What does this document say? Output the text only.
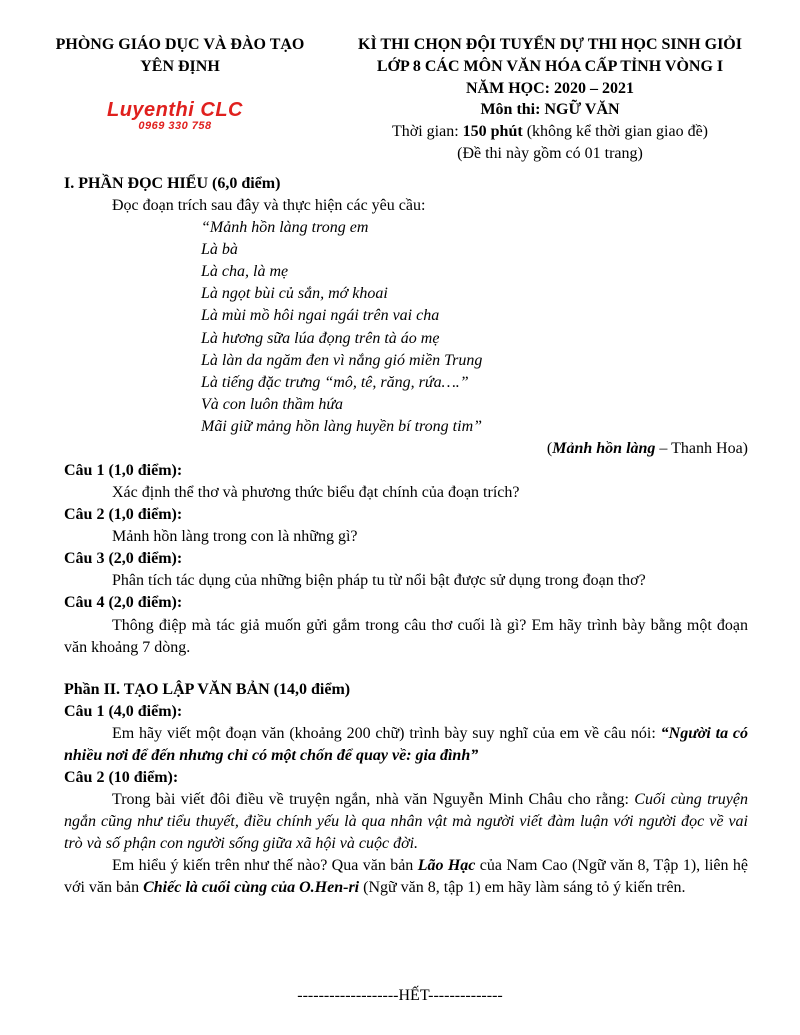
PHÒNG GIÁO DỤC VÀ ĐÀO TẠO
YÊN ĐỊNH
KÌ THI CHỌN ĐỘI TUYỂN DỰ THI HỌC SINH GIỎI
LỚP 8 CÁC MÔN VĂN HÓA CẤP TỈNH VÒNG I
NĂM HỌC: 2020 – 2021
Môn thi: NGỮ VĂN
Thời gian: 150 phút (không kể thời gian giao đề)
(Đề thi này gồm có 01 trang)
Luyenthi CLC
0969 330 758
I. PHẦN ĐỌC HIỂU (6,0 điểm)
Đọc đoạn trích sau đây và thực hiện các yêu cầu:
“Mảnh hồn làng trong em
Là bà
Là cha, là mẹ
Là ngọt bùi củ sắn, mớ khoai
Là mùi mồ hôi ngai ngái trên vai cha
Là hương sữa lúa đọng trên tà áo mẹ
Là làn da ngăm đen vì nắng gió miền Trung
Là tiếng đặc trưng “mô, tê, răng, rứa….”
Và con luôn thầm hứa
Mãi giữ mảng hồn làng huyền bí trong tim”
(Mảnh hồn làng – Thanh Hoa)
Câu 1 (1,0 điểm):
Xác định thể thơ và phương thức biểu đạt chính của đoạn trích?
Câu 2 (1,0 điểm):
Mảnh hồn làng trong con là những gì?
Câu 3 (2,0 điểm):
Phân tích tác dụng của những biện pháp tu từ nổi bật được sử dụng trong đoạn thơ?
Câu 4 (2,0 điểm):
Thông điệp mà tác giả muốn gửi gắm trong câu thơ cuối là gì? Em hãy trình bày bằng một đoạn văn khoảng 7 dòng.
Phần II. TẠO LẬP VĂN BẢN (14,0 điểm)
Câu 1 (4,0 điểm):
Em hãy viết một đoạn văn (khoảng 200 chữ) trình bày suy nghĩ của em về câu nói: “Người ta có nhiều nơi để đến nhưng chỉ có một chốn để quay về: gia đình”
Câu 2 (10 điểm):
Trong bài viết đôi điều về truyện ngắn, nhà văn Nguyễn Minh Châu cho rằng: Cuối cùng truyện ngắn cũng như tiểu thuyết, điều chính yếu là qua nhân vật mà người viết đàm luận với người đọc về vai trò và số phận con người sống giữa xã hội và cuộc đời.
Em hiểu ý kiến trên như thế nào? Qua văn bản Lão Hạc của Nam Cao (Ngữ văn 8, Tập 1), liên hệ với văn bản Chiếc là cuối cùng của O.Hen-ri (Ngữ văn 8, tập 1) em hãy làm sáng tỏ ý kiến trên.
-------------------HẾT--------------
